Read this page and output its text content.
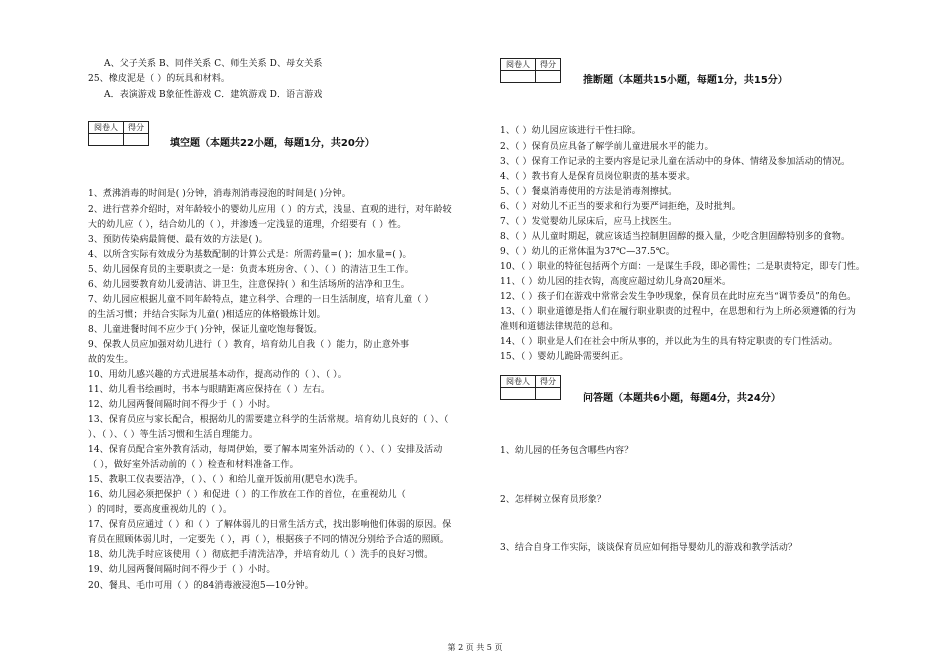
A、父子关系 B、同伴关系 C、师生关系 D、母女关系
25、橡皮泥是（ ）的玩具和材料。
A．表演游戏 B象征性游戏 C．建筑游戏 D．语言游戏
阅卷人	得分

填空题（本题共22小题，每题1分，共20分）
1、煮沸消毒的时间是( )分钟，消毒剂消毒浸泡的时间是( )分钟。
2、进行营养介绍时，对年龄较小的婴幼儿应用（ ）的方式，浅显、直观的进行，对年龄较
大的幼儿应（ ），结合幼儿的（ ），并渗透一定浅显的道理，介绍要有（ ）性。
3、预防传染病最简便、最有效的方法是( )。
4、以所含实际有效成分为基数配制的计算公式是：所需药量=( )；加水量=( )。
5、幼儿园保育员的主要职责之一是：负责本班房舍、（ ）、（ ）的清洁卫生工作。
6、幼儿园要教育幼儿爱清洁、讲卫生，注意保持( ）和生活场所的洁净和卫生。
7、幼儿园应根据儿童不同年龄特点，建立科学、合理的一日生活制度，培育儿童（ ）
的生活习惯；并结合实际为儿童( )相适应的体格锻炼计划。
8、儿童进餐时间不应少于( )分钟，保证儿童吃饱每餐饭。
9、保教人员应加强对幼儿进行（ ）教育，培育幼儿自我（ ）能力，防止意外事
故的发生。
10、用幼儿感兴趣的方式进展基本动作，提高动作的（ ）、（ ）。
11、幼儿看书绘画时，书本与眼睛距离应保持在（ ）左右。
12、幼儿园两餐间隔时间不得少于（ ）小时。
13、保育员应与家长配合，根据幼儿的需要建立科学的生活常规。培育幼儿良好的（ ）、（
）、（ ）、（ ）等生活习惯和生活自理能力。
14、保育员配合室外教育活动，每周伊始，要了解本周室外活动的（ ）、（ ）安排及活动
（ ），做好室外活动前的（ ）检查和材料准备工作。
15、教职工仪表要洁净，（ ）、（ ）和给儿童开饭前用(肥皂水)洗手。
16、幼儿园必须把保护（ ）和促进（ ）的工作放在工作的首位，在重视幼儿（
）的同时，要高度重视幼儿的（ ）。
17、保育员应通过（ ）和（ ）了解体弱儿的日常生活方式，找出影响他们体弱的原因。保
育员在照顾体弱儿时，一定要先（ ），再（ ），根据孩子不同的情况分别给予合适的照顾。
18、幼儿洗手时应该使用（ ）彻底把手清洗洁净，并培育幼儿（ ）洗手的良好习惯。
19、幼儿园两餐间隔时间不得少于（ ）小时。
20、餐具、毛巾可用（ ）的84消毒液浸泡5—10分钟。
阅卷人	得分

推断题（本题共15小题，每题1分，共15分）
1、（ ）幼儿园应该进行干性扫除。
2、（ ）保育员应具备了解学前儿童进展水平的能力。
3、（ ）保育工作记录的主要内容是记录儿童在活动中的身体、情绪及参加活动的情况。
4、（ ）教书育人是保育员岗位职责的基本要求。
5、（ ）餐桌消毒使用的方法是消毒剂擦拭。
6、（ ）对幼儿不正当的要求和行为要严词拒绝，及时批判。
7、（ ）发觉婴幼儿尿床后，应马上找医生。
8、（ ）从儿童时期起，就应该适当控制胆固醇的摄入量，少吃含胆固醇特别多的食物。
9、（ ）幼儿的正常体温为37℃—37.5℃。
10、（ ）职业的特征包括两个方面：一是谋生手段，即必需性；二是职责特定，即专门性。
11、（ ）幼儿园的挂衣钩，高度应超过幼儿身高20厘米。
12、（ ）孩子们在游戏中常常会发生争吵现象，保育员在此时应充当“调节委员”的角色。
13、（ ）职业道德是指人们在履行职业职责的过程中，在思想和行为上所必须遵循的行为
准则和道德法律规范的总和。
14、（ ）职业是人们在社会中所从事的，并以此为生的具有特定职责的专门性活动。
15、（ ）婴幼儿跪卧需要纠正。
阅卷人	得分

问答题（本题共6小题，每题4分，共24分）
1、幼儿园的任务包含哪些内容？
2、怎样树立保育员形象？
3、结合自身工作实际，谈谈保育员应如何指导婴幼儿的游戏和教学活动？
第 2 页 共 5 页
